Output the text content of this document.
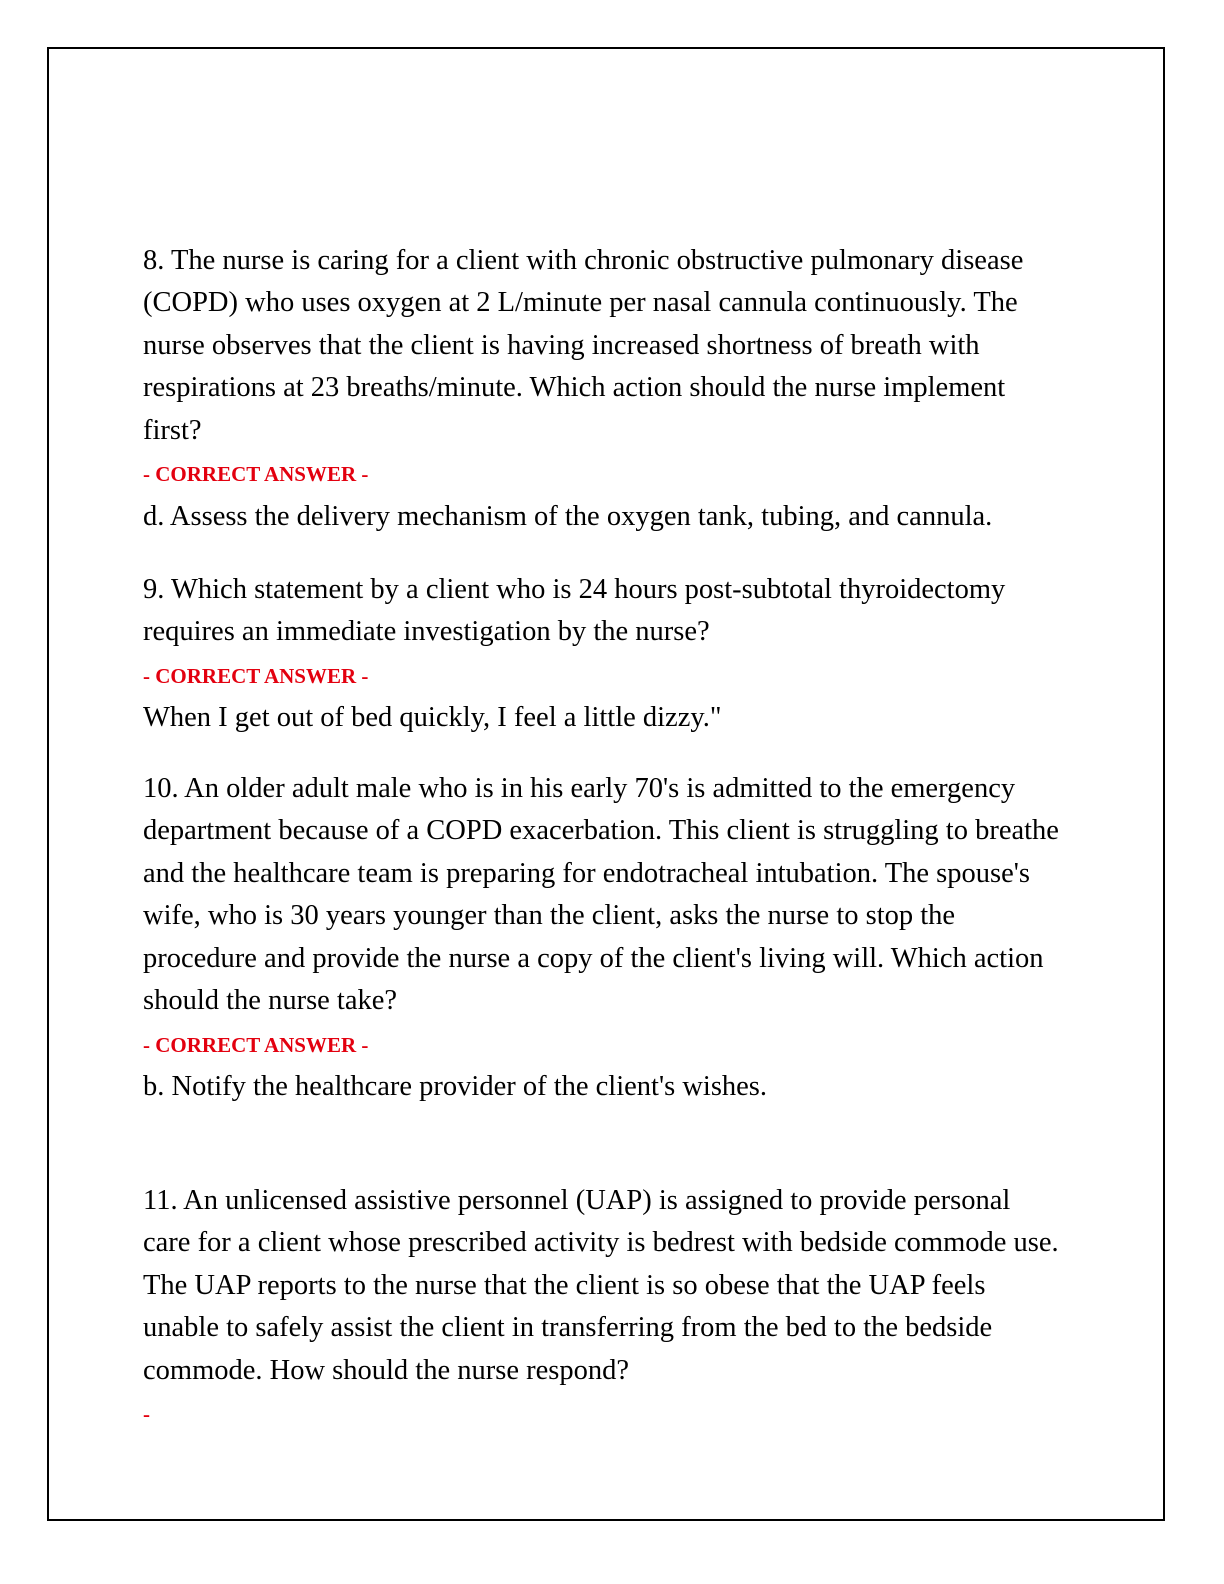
8. The nurse is caring for a client with chronic obstructive pulmonary disease (COPD) who uses oxygen at 2 L/minute per nasal cannula continuously. The nurse observes that the client is having increased shortness of breath with respirations at 23 breaths/minute. Which action should the nurse implement first?
- CORRECT ANSWER -
d. Assess the delivery mechanism of the oxygen tank, tubing, and cannula.

9. Which statement by a client who is 24 hours post-subtotal thyroidectomy requires an immediate investigation by the nurse?
- CORRECT ANSWER -
When I get out of bed quickly, I feel a little dizzy."

10. An older adult male who is in his early 70's is admitted to the emergency department because of a COPD exacerbation. This client is struggling to breathe and the healthcare team is preparing for endotracheal intubation. The spouse's wife, who is 30 years younger than the client, asks the nurse to stop the procedure and provide the nurse a copy of the client's living will. Which action should the nurse take?
- CORRECT ANSWER -
b. Notify the healthcare provider of the client's wishes.

11. An unlicensed assistive personnel (UAP) is assigned to provide personal care for a client whose prescribed activity is bedrest with bedside commode use. The UAP reports to the nurse that the client is so obese that the UAP feels unable to safely assist the client in transferring from the bed to the bedside commode. How should the nurse respond?
-
